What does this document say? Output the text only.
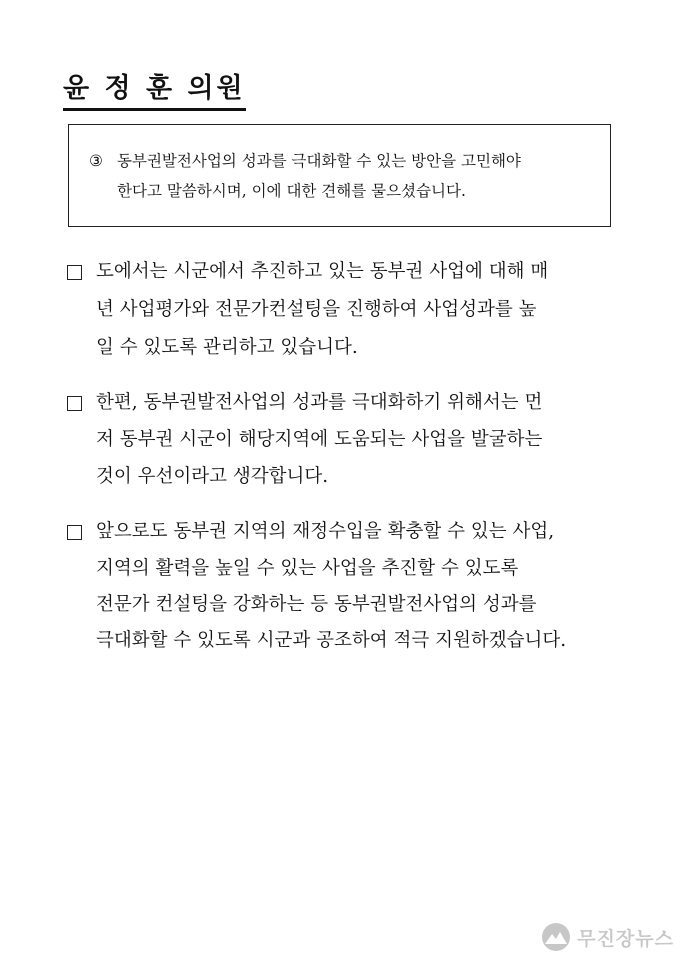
윤 정 훈 의원
③ 동부권발전사업의 성과를 극대화할 수 있는 방안을 고민해야
한다고 말씀하시며, 이에 대한 견해를 물으셨습니다.

도에서는 시군에서 추진하고 있는 동부권 사업에 대해 매

년 사업평가와 전문가컨설팅을 진행하여 사업성과를 높

일 수 있도록 관리하고 있습니다.

한편, 동부권발전사업의 성과를 극대화하기 위해서는 먼

저 동부권 시군이 해당지역에 도움되는 사업을 발굴하는

것이 우선이라고 생각합니다.

앞으로도 동부권 지역의 재정수입을 확충할 수 있는 사업,

지역의 활력을 높일 수 있는 사업을 추진할 수 있도록

전문가 컨설팅을 강화하는 등 동부권발전사업의 성과를

극대화할 수 있도록 시군과 공조하여 적극 지원하겠습니다.

무진장뉴스
